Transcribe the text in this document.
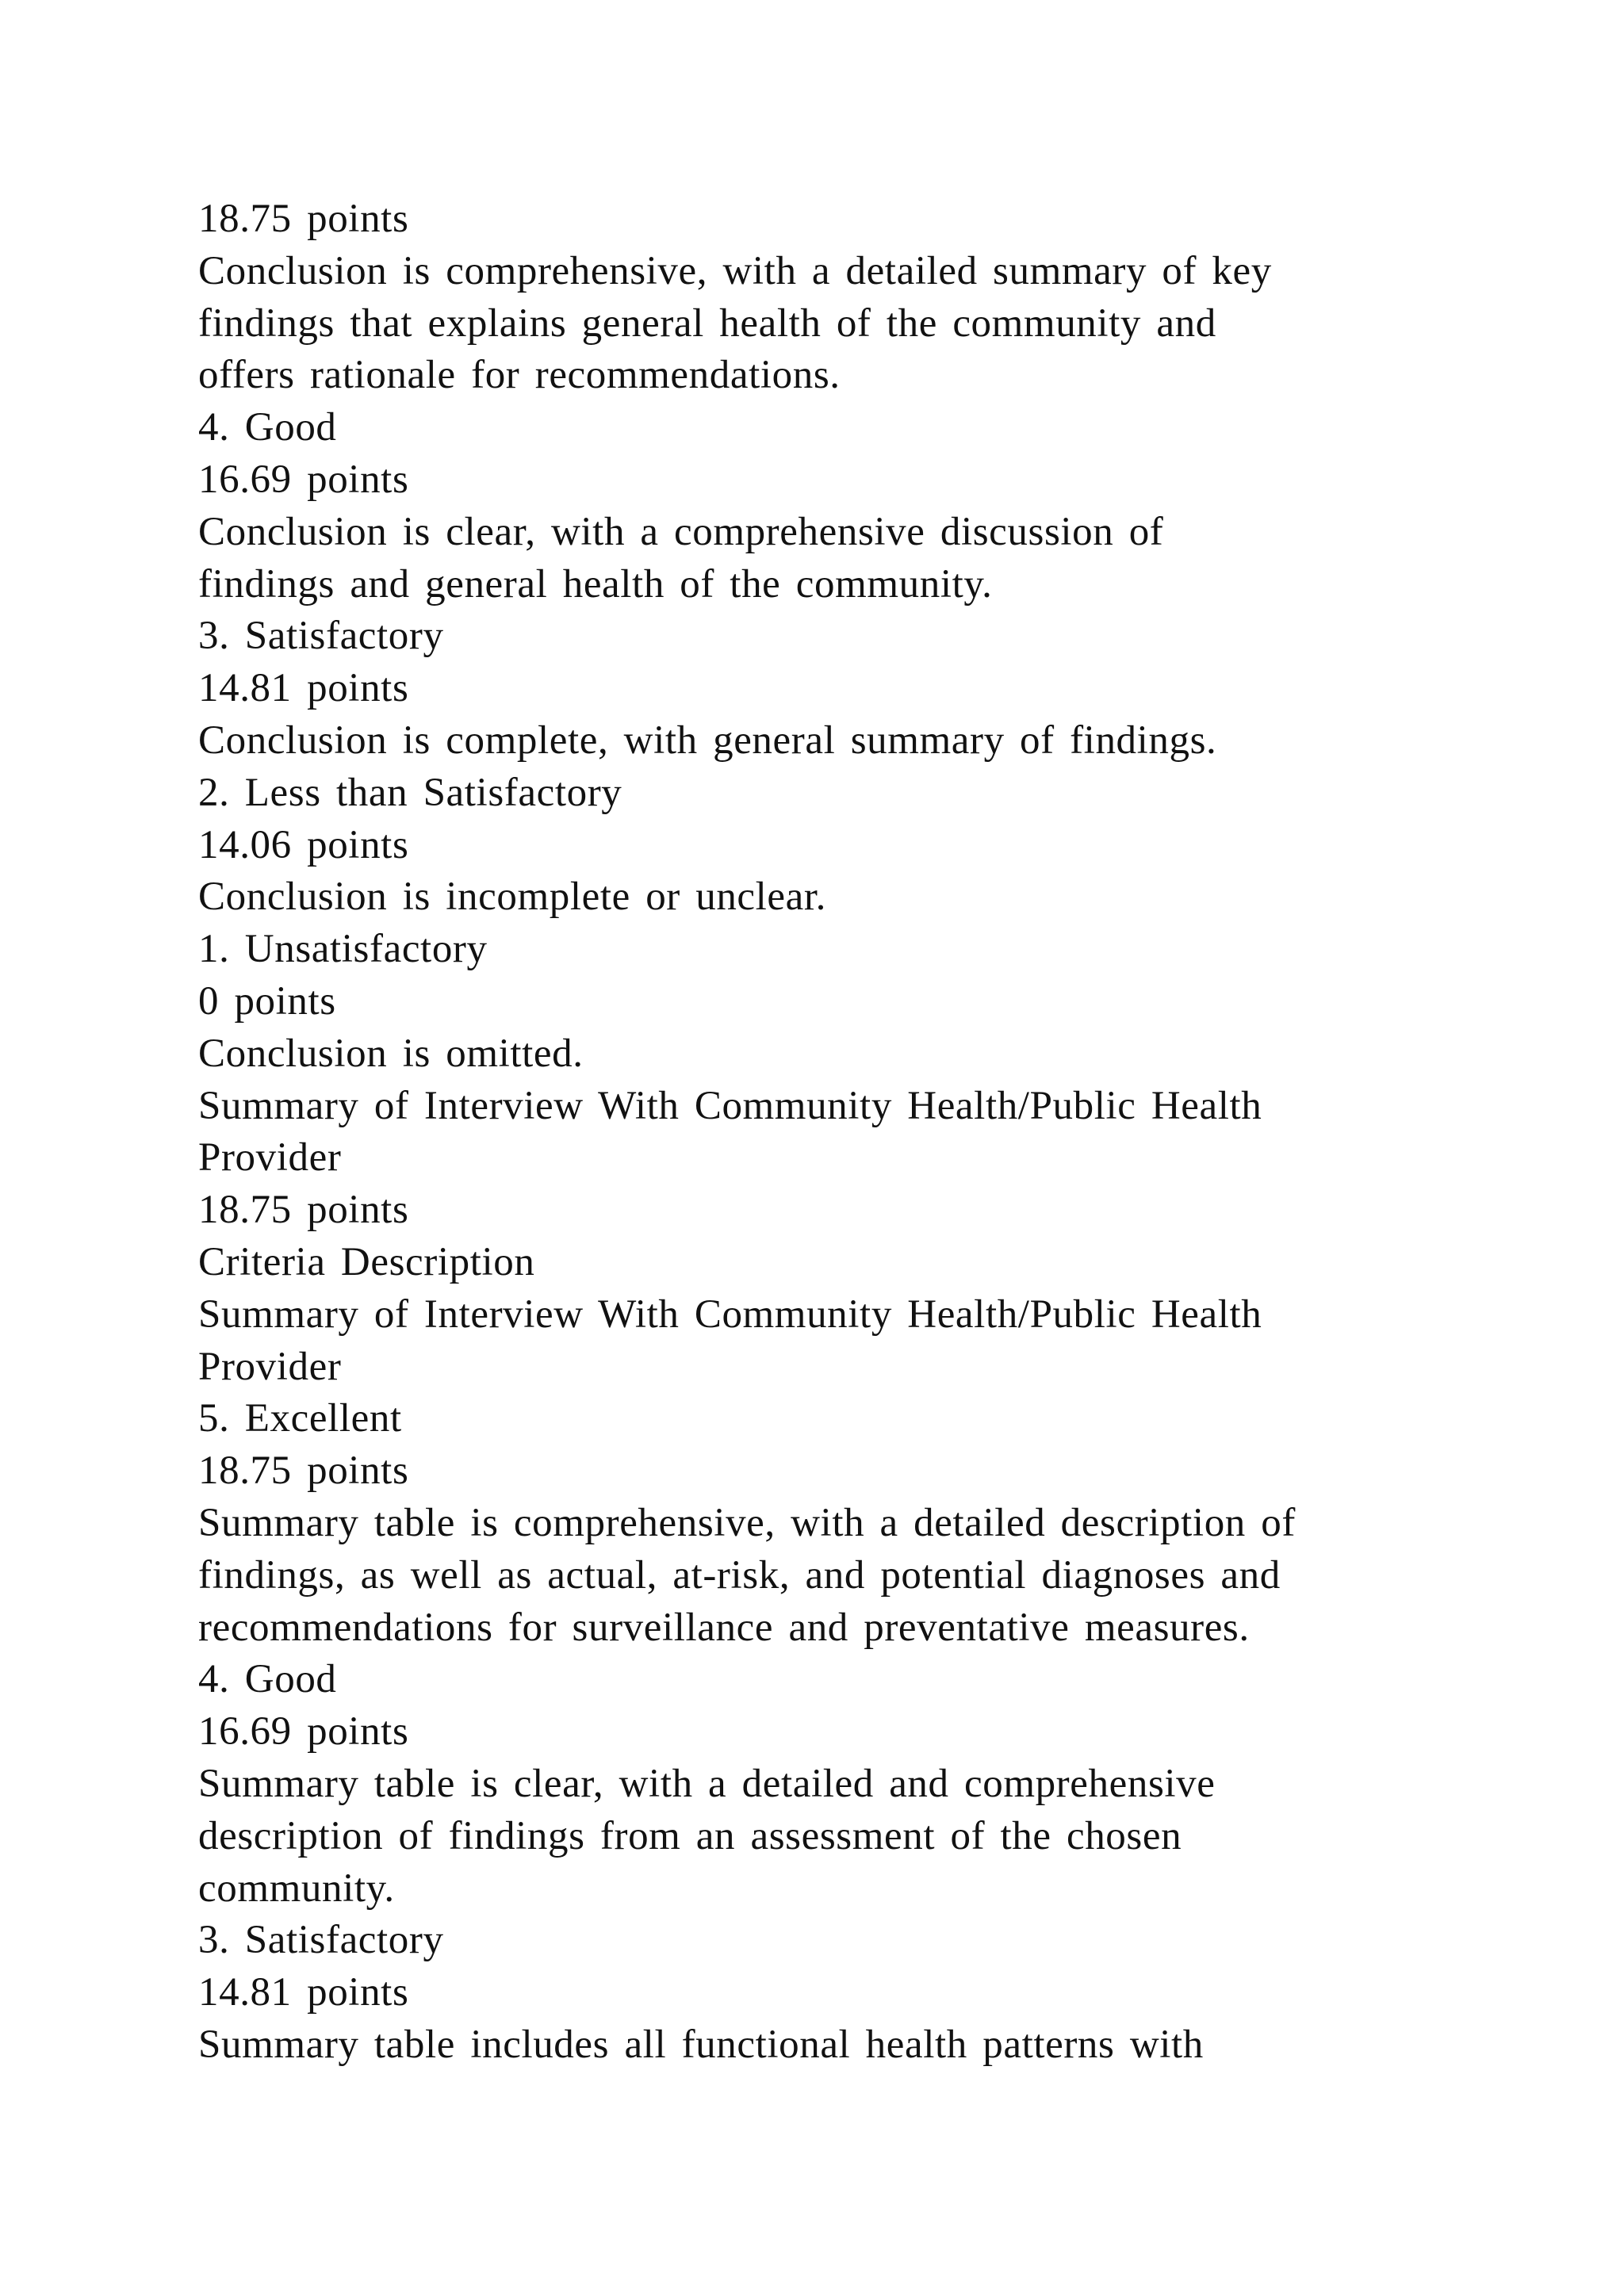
18.75 points
Conclusion is comprehensive, with a detailed summary of key
findings that explains general health of the community and
offers rationale for recommendations.
4. Good
16.69 points
Conclusion is clear, with a comprehensive discussion of
findings and general health of the community.
3. Satisfactory
14.81 points
Conclusion is complete, with general summary of findings.
2. Less than Satisfactory
14.06 points
Conclusion is incomplete or unclear.
1. Unsatisfactory
0 points
Conclusion is omitted.
Summary of Interview With Community Health/Public Health
Provider
18.75 points
Criteria Description
Summary of Interview With Community Health/Public Health
Provider
5. Excellent
18.75 points
Summary table is comprehensive, with a detailed description of
findings, as well as actual, at-risk, and potential diagnoses and
recommendations for surveillance and preventative measures.
4. Good
16.69 points
Summary table is clear, with a detailed and comprehensive
description of findings from an assessment of the chosen
community.
3. Satisfactory
14.81 points
Summary table includes all functional health patterns with
